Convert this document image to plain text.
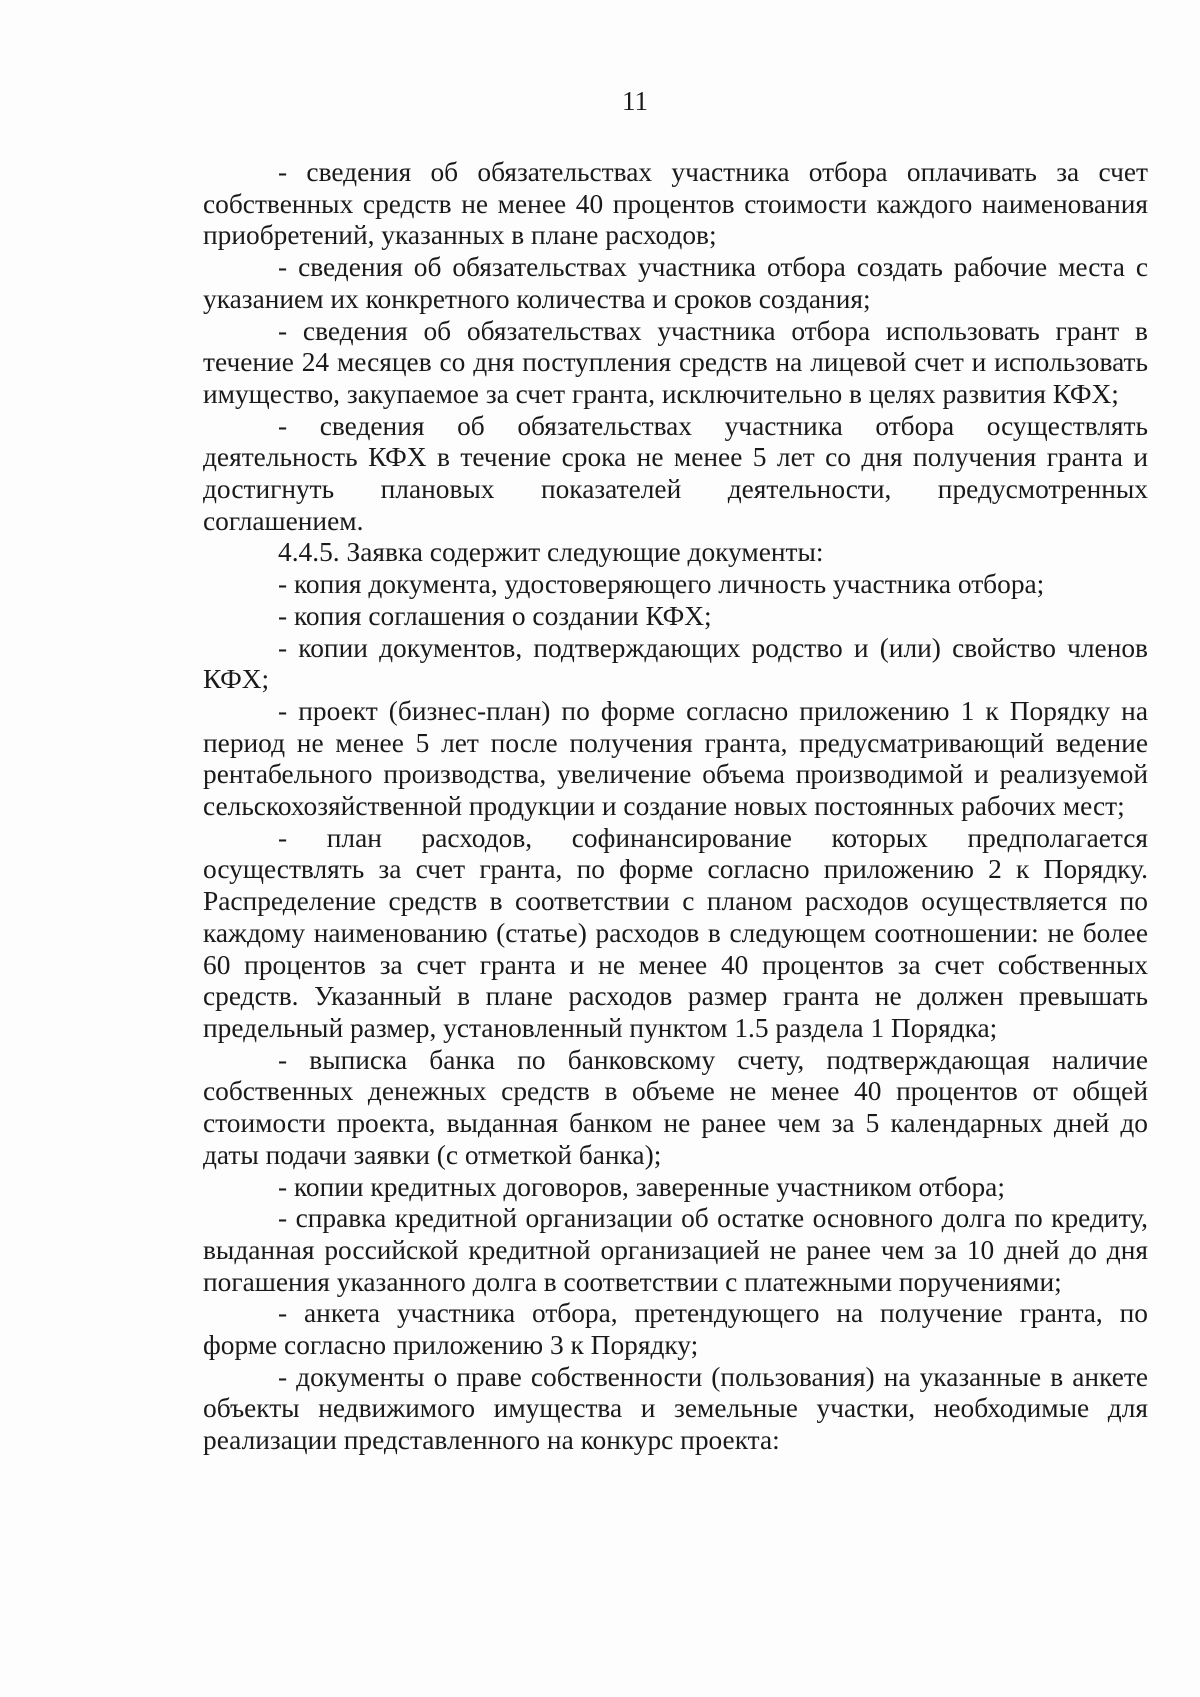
11

- сведения об обязательствах участника отбора оплачивать за счет собственных средств не менее 40 процентов стоимости каждого наименования приобретений, указанных в плане расходов;

- сведения об обязательствах участника отбора создать рабочие места с указанием их конкретного количества и сроков создания;

- сведения об обязательствах участника отбора использовать грант в течение 24 месяцев со дня поступления средств на лицевой счет и использовать имущество, закупаемое за счет гранта, исключительно в целях развития КФХ;

- сведения об обязательствах участника отбора осуществлять деятельность КФХ в течение срока не менее 5 лет со дня получения гранта и достигнуть плановых показателей деятельности, предусмотренных соглашением.

4.4.5. Заявка содержит следующие документы:

- копия документа, удостоверяющего личность участника отбора;

- копия соглашения о создании КФХ;

- копии документов, подтверждающих родство и (или) свойство членов КФХ;

- проект (бизнес-план) по форме согласно приложению 1 к Порядку на период не менее 5 лет после получения гранта, предусматривающий ведение рентабельного производства, увеличение объема производимой и реализуемой сельскохозяйственной продукции и создание новых постоянных рабочих мест;

- план расходов, софинансирование которых предполагается осуществлять за счет гранта, по форме согласно приложению 2 к Порядку. Распределение средств в соответствии с планом расходов осуществляется по каждому наименованию (статье) расходов в следующем соотношении: не более 60 процентов за счет гранта и не менее 40 процентов за счет собственных средств. Указанный в плане расходов размер гранта не должен превышать предельный размер, установленный пунктом 1.5 раздела 1 Порядка;

- выписка банка по банковскому счету, подтверждающая наличие собственных денежных средств в объеме не менее 40 процентов от общей стоимости проекта, выданная банком не ранее чем за 5 календарных дней до даты подачи заявки (с отметкой банка);

- копии кредитных договоров, заверенные участником отбора;

- справка кредитной организации об остатке основного долга по кредиту, выданная российской кредитной организацией не ранее чем за 10 дней до дня погашения указанного долга в соответствии с платежными поручениями;

- анкета участника отбора, претендующего на получение гранта, по форме согласно приложению 3 к Порядку;

- документы о праве собственности (пользования) на указанные в анкете объекты недвижимого имущества и земельные участки, необходимые для реализации представленного на конкурс проекта:
